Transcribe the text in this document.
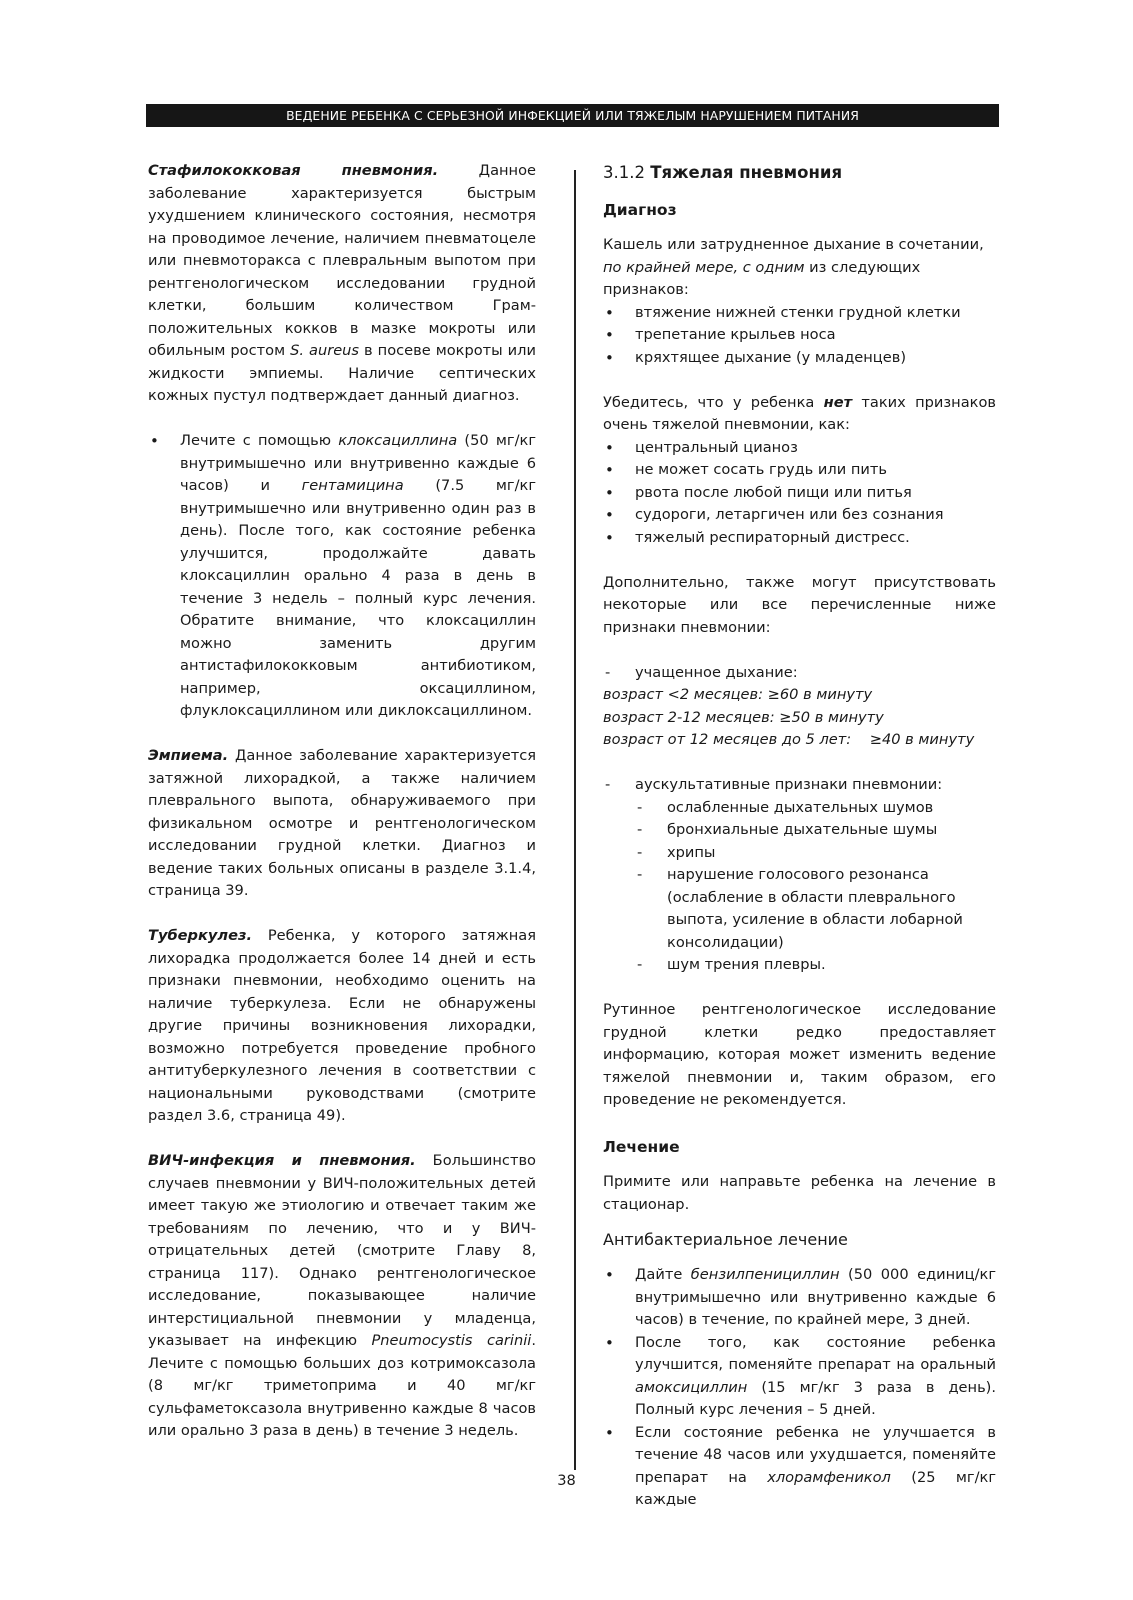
ВЕДЕНИЕ РЕБЕНКА С СЕРЬЕЗНОЙ ИНФЕКЦИЕЙ ИЛИ ТЯЖЕЛЫМ НАРУШЕНИЕМ ПИТАНИЯ

Стафилококковая пневмония. Данное заболевание характеризуется быстрым ухудшением клинического состояния, несмотря на проводимое лечение, наличием пневматоцеле или пневмоторакса с плевральным выпотом при рентгенологическом исследовании грудной клетки, большим количеством Грам-положительных кокков в мазке мокроты или обильным ростом S. aureus в посеве мокроты или жидкости эмпиемы. Наличие септических кожных пустул подтверждает данный диагноз.

• Лечите с помощью клоксациллина (50 мг/кг внутримышечно или внутривенно каждые 6 часов) и гентамицина (7.5 мг/кг внутримышечно или внутривенно один раз в день). После того, как состояние ребенка улучшится, продолжайте давать клоксациллин орально 4 раза в день в течение 3 недель – полный курс лечения. Обратите внимание, что клоксациллин можно заменить другим антистафилококковым антибиотиком, например, оксациллином, флуклоксациллином или диклоксациллином.

Эмпиема. Данное заболевание характеризуется затяжной лихорадкой, а также наличием плеврального выпота, обнаруживаемого при физикальном осмотре и рентгенологическом исследовании грудной клетки. Диагноз и ведение таких больных описаны в разделе 3.1.4, страница 39.

Туберкулез. Ребенка, у которого затяжная лихорадка продолжается более 14 дней и есть признаки пневмонии, необходимо оценить на наличие туберкулеза. Если не обнаружены другие причины возникновения лихорадки, возможно потребуется проведение пробного антитуберкулезного лечения в соответствии с национальными руководствами (смотрите раздел 3.6, страница 49).

ВИЧ-инфекция и пневмония. Большинство случаев пневмонии у ВИЧ-положительных детей имеет такую же этиологию и отвечает таким же требованиям по лечению, что и у ВИЧ-отрицательных детей (смотрите Главу 8, страница 117). Однако рентгенологическое исследование, показывающее наличие интерстициальной пневмонии у младенца, указывает на инфекцию Pneumocystis carinii. Лечите с помощью больших доз котримоксазола (8 мг/кг триметоприма и 40 мг/кг сульфаметоксазола внутривенно каждые 8 часов или орально 3 раза в день) в течение 3 недель.

3.1.2 Тяжелая пневмония

Диагноз

Кашель или затрудненное дыхание в сочетании, по крайней мере, с одним из следующих признаков:

• втяжение нижней стенки грудной клетки
• трепетание крыльев носа
• кряхтящее дыхание (у младенцев)

Убедитесь, что у ребенка нет таких признаков очень тяжелой пневмонии, как:

• центральный цианоз
• не может сосать грудь или пить
• рвота после любой пищи или питья
• судороги, летаргичен или без сознания
• тяжелый респираторный дистресс.

Дополнительно, также могут присутствовать некоторые или все перечисленные ниже признаки пневмонии:

- учащенное дыхание:

возраст <2 месяцев: ≥60 в минуту

возраст 2-12 месяцев: ≥50 в минуту

возраст от 12 месяцев до 5 лет:    ≥40 в минуту

- аускультативные признаки пневмонии:
- ослабленные дыхательных шумов
- бронхиальные дыхательные шумы
- хрипы
- нарушение голосового резонанса (ослабление в области плеврального выпота, усиление в области лобарной консолидации)
- шум трения плевры.

Рутинное рентгенологическое исследование грудной клетки редко предоставляет информацию, которая может изменить ведение тяжелой пневмонии и, таким образом, его проведение не рекомендуется.

Лечение

Примите или направьте ребенка на лечение в стационар.

Антибактериальное лечение

• Дайте бензилпенициллин (50 000 единиц/кг внутримышечно или внутривенно каждые 6 часов) в течение, по крайней мере, 3 дней.
• После того, как состояние ребенка улучшится, поменяйте препарат на оральный амоксициллин (15 мг/кг 3 раза в день). Полный курс лечения – 5 дней.
• Если состояние ребенка не улучшается в течение 48 часов или ухудшается, поменяйте препарат на хлорамфеникол (25 мг/кг каждые
38
